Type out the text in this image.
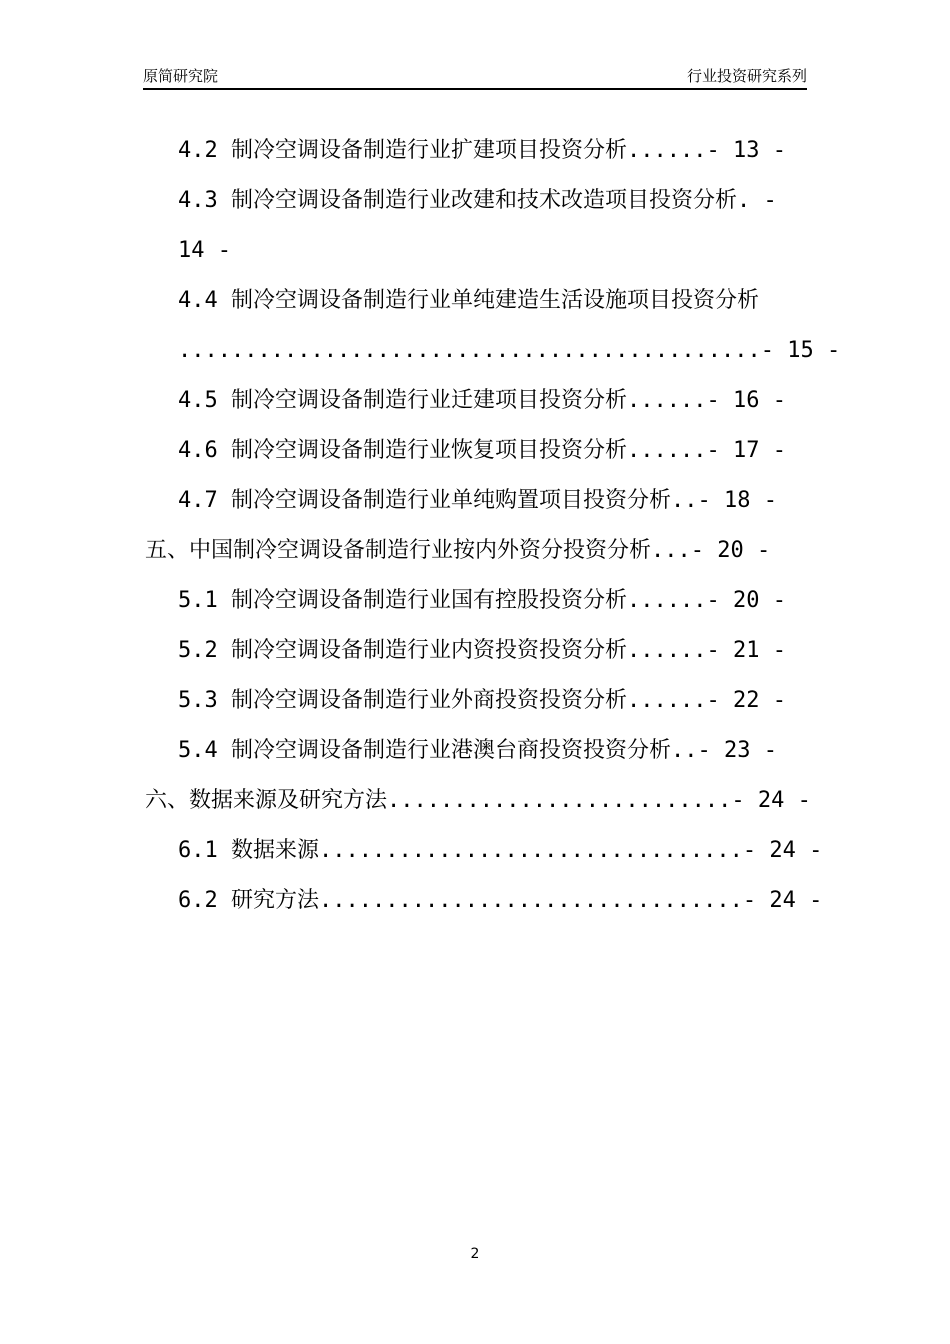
原简研究院	行业投资研究系列
4.2 制冷空调设备制造行业扩建项目投资分析......- 13 -
4.3 制冷空调设备制造行业改建和技术改造项目投资分析. -
14 -
4.4 制冷空调设备制造行业单纯建造生活设施项目投资分析
............................................- 15 -
4.5 制冷空调设备制造行业迁建项目投资分析......- 16 -
4.6 制冷空调设备制造行业恢复项目投资分析......- 17 -
4.7 制冷空调设备制造行业单纯购置项目投资分析..- 18 -
五、中国制冷空调设备制造行业按内外资分投资分析...- 20 -
5.1 制冷空调设备制造行业国有控股投资分析......- 20 -
5.2 制冷空调设备制造行业内资投资投资分析......- 21 -
5.3 制冷空调设备制造行业外商投资投资分析......- 22 -
5.4 制冷空调设备制造行业港澳台商投资投资分析..- 23 -
六、数据来源及研究方法..........................- 24 -
6.1 数据来源................................- 24 -
6.2 研究方法................................- 24 -
2
